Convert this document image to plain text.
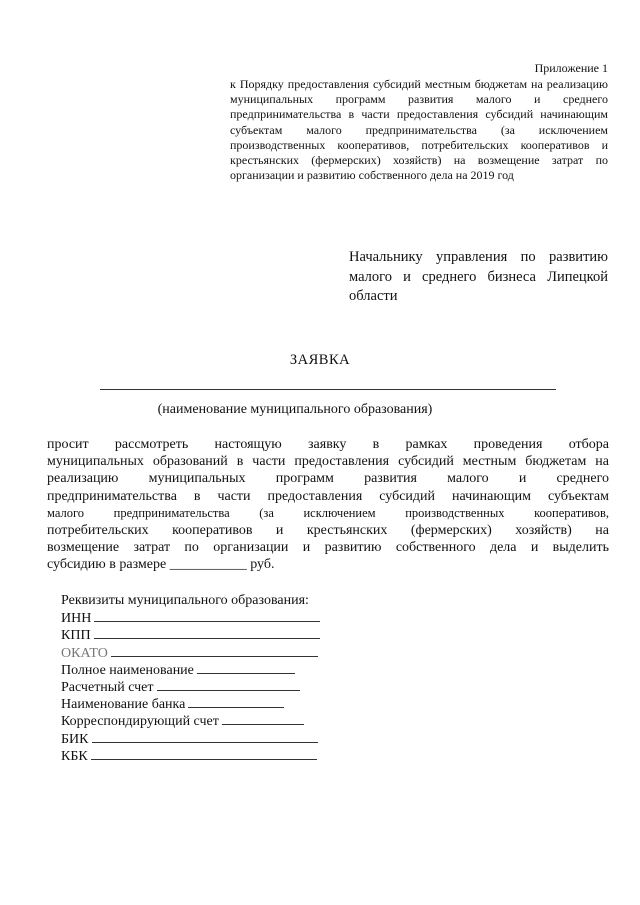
Приложение 1
к Порядку предоставления субсидий местным бюджетам на реализацию муниципальных программ развития малого и среднего предпринимательства в части предоставления субсидий начинающим субъектам малого предпринимательства (за исключением производственных кооперативов, потребительских кооперативов и крестьянских (фермерских) хозяйств) на возмещение затрат по организации и развитию собственного дела на 2019 год
Начальнику управления по развитию малого и среднего бизнеса Липецкой области
ЗАЯВКА
(наименование муниципального образования)
просит рассмотреть настоящую заявку в рамках проведения отбора
муниципальных образований в части предоставления субсидий местным бюджетам на
реализацию муниципальных программ развития малого и среднего
предпринимательства в части предоставления субсидий начинающим субъектам
малого предпринимательства (за исключением производственных кооперативов,
потребительских кооперативов и крестьянских (фермерских) хозяйств) на
возмещение затрат по организации и развитию собственного дела и выделить
субсидию в размере ___________ руб.
Реквизиты муниципального образования:
ИНН
КПП
ОКАТО
Полное наименование
Расчетный счет
Наименование банка
Корреспондирующий счет
БИК
КБК
